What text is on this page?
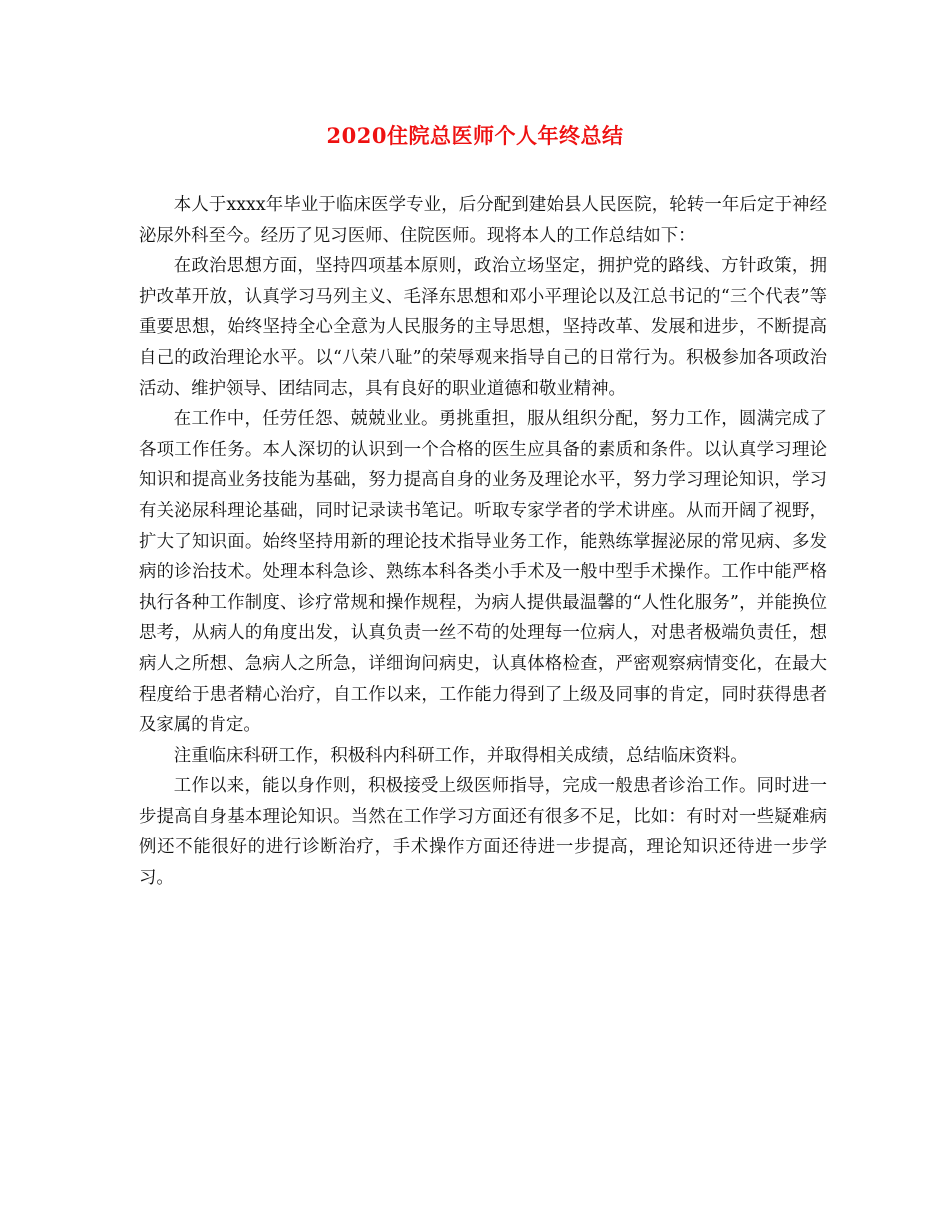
2020住院总医师个人年终总结

本人于xxxx年毕业于临床医学专业，后分配到建始县人民医院，轮转一年后定于神经泌尿外科至今。经历了见习医师、住院医师。现将本人的工作总结如下：

在政治思想方面，坚持四项基本原则，政治立场坚定，拥护党的路线、方针政策，拥护改革开放，认真学习马列主义、毛泽东思想和邓小平理论以及江总书记的“三个代表”等重要思想，始终坚持全心全意为人民服务的主导思想，坚持改革、发展和进步，不断提高自己的政治理论水平。以“八荣八耻”的荣辱观来指导自己的日常行为。积极参加各项政治活动、维护领导、团结同志，具有良好的职业道德和敬业精神。

在工作中，任劳任怨、兢兢业业。勇挑重担，服从组织分配，努力工作，圆满完成了各项工作任务。本人深切的认识到一个合格的医生应具备的素质和条件。以认真学习理论知识和提高业务技能为基础，努力提高自身的业务及理论水平，努力学习理论知识，学习有关泌尿科理论基础，同时记录读书笔记。听取专家学者的学术讲座。从而开阔了视野，扩大了知识面。始终坚持用新的理论技术指导业务工作，能熟练掌握泌尿的常见病、多发病的诊治技术。处理本科急诊、熟练本科各类小手术及一般中型手术操作。工作中能严格执行各种工作制度、诊疗常规和操作规程，为病人提供最温馨的“人性化服务”，并能换位思考，从病人的角度出发，认真负责一丝不苟的处理每一位病人，对患者极端负责任，想病人之所想、急病人之所急，详细询问病史，认真体格检查，严密观察病情变化，在最大程度给于患者精心治疗，自工作以来，工作能力得到了上级及同事的肯定，同时获得患者及家属的肯定。

注重临床科研工作，积极科内科研工作，并取得相关成绩，总结临床资料。

工作以来，能以身作则，积极接受上级医师指导，完成一般患者诊治工作。同时进一步提高自身基本理论知识。当然在工作学习方面还有很多不足，比如：有时对一些疑难病例还不能很好的进行诊断治疗，手术操作方面还待进一步提高，理论知识还待进一步学习。
